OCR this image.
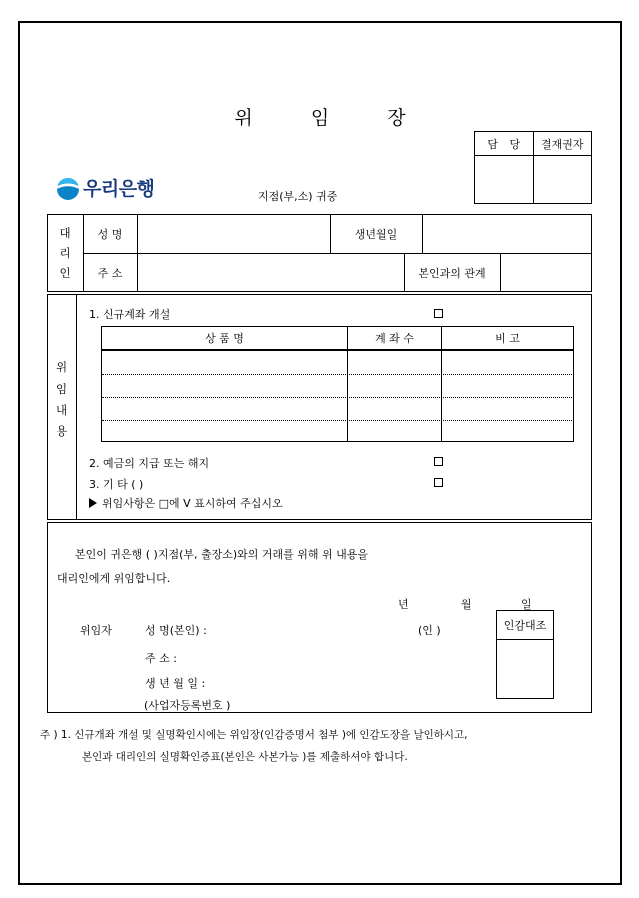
위 임 장
담 당	결재권자
우리은행	지점(부,소) 귀중
대
리
인
성 명	생년월일
주 소	본인과의 관계
위
임
내
용
1. 신규계좌 개설
상 품 명	계 좌 수	비 고
2. 예금의 지급 또는 해지
3. 기 타 ( )
위임사항은 □에 V 표시하여 주십시오
본인이 귀은행 ( )지점(부, 출장소)와의 거래를 위해 위 내용을
대리인에게 위임합니다.
년	월	일
위임자	성 명(본인) :	(인 )
주 소 :
생 년 월 일 :
(사업자등록번호 )
인감대조
주 ) 1. 신규개좌 개설 및 실명확인시에는 위임장(인감증명서 첨부 )에 인감도장을 날인하시고,
본인과 대리인의 실명확인증표(본인은 사본가능 )를 제출하셔야 합니다.
